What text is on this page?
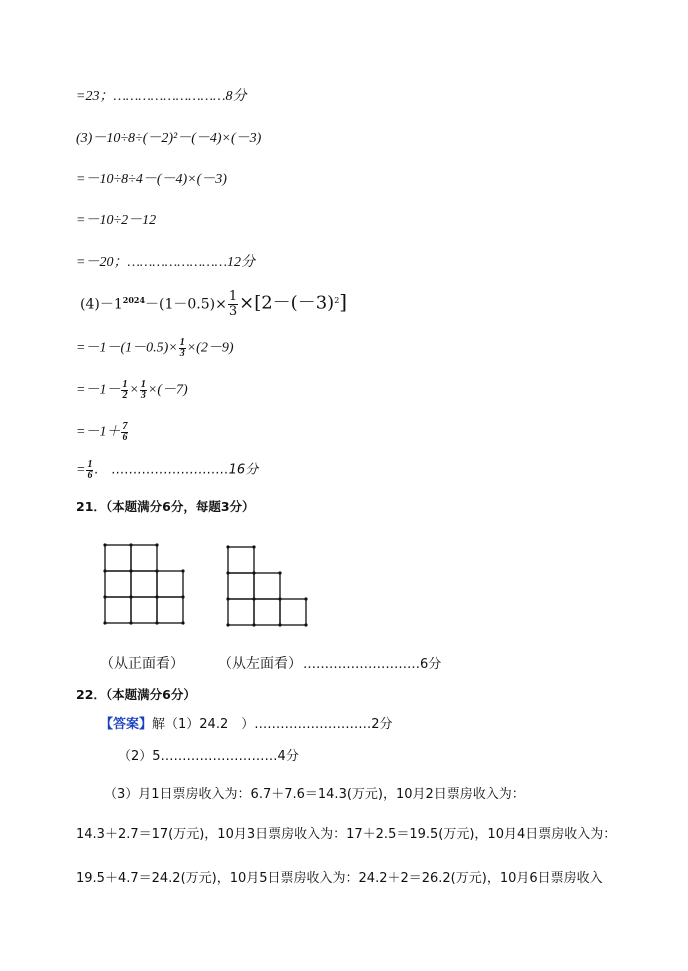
=23；………………………8分
(3)－10÷8÷(－2)²－(－4)×(－3)
=－10÷8÷4－(－4)×(－3)
=－10÷2－12
=－20；……………………12分
$(4)-1^{2024}-(1-0.5)\times \frac{1}{3} \times[2-(-3)^2]$
$=-1-(1-0.5)\times \frac{1}{3} \times(2-9)$
$=-1- \frac{1}{2} \times \frac{1}{3} \times(-7)$
$=-1+ \frac{7}{6}$
= $\frac{1}{6}$ .　………………………16分
21．（本题满分6分，每题3分）
（从正面看） （从左面看） ………………………6分
22．（本题满分6分）
【答案】解（1）24.2　）………………………2分
（2）5………………………4分
（3）月1日票房收入为：6.7＋7.6＝14.3(万元)，10月2日票房收入为：
14.3＋2.7＝17(万元)，10月3日票房收入为：17＋2.5＝19.5(万元)，10月4日票房收入为：
19.5＋4.7＝24.2(万元)，10月5日票房收入为：24.2＋2＝26.2(万元)，10月6日票房收入
